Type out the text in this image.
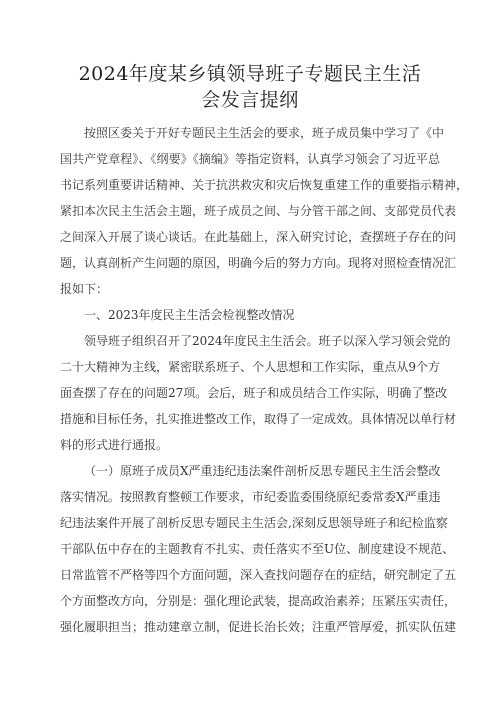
2024年度某乡镇领导班子专题民主生活
会发言提纲
按照区委关于开好专题民主生活会的要求，班子成员集中学习了《中
国共产党章程》、《纲要》《摘编》等指定资料，认真学习领会了习近平总
书记系列重要讲话精神、关于抗洪救灾和灾后恢复重建工作的重要指示精神，
紧扣本次民主生活会主题，班子成员之间、与分管干部之间、支部党员代表
之间深入开展了谈心谈话。在此基础上，深入研究讨论，查摆班子存在的问
题，认真剖析产生问题的原因，明确今后的努力方向。现将对照检查情况汇
报如下：
一、2023年度民主生活会检视整改情况
领导班子组织召开了2024年度民主生活会。班子以深入学习领会党的
二十大精神为主线，紧密联系班子、个人思想和工作实际，重点从9个方
面查摆了存在的问题27项。会后，班子和成员结合工作实际，明确了整改
措施和目标任务，扎实推进整改工作，取得了一定成效。具体情况以单行材
料的形式进行通报。
（一）原班子成员X严重违纪违法案件剖析反思专题民主生活会整改
落实情况。按照教育整顿工作要求，市纪委监委围绕原纪委常委X严重违
纪违法案件开展了剖析反思专题民主生活会,深刻反思领导班子和纪检监察
干部队伍中存在的主题教育不扎实、责任落实不至U位、制度建设不规范、
日常监管不严格等四个方面问题，深入查找问题存在的症结，研究制定了五
个方面整改方向，分别是：强化理论武装，提高政治素养；压紧压实责任，
强化履职担当；推动建章立制，促进长治长效；注重严管厚爱，抓实队伍建
